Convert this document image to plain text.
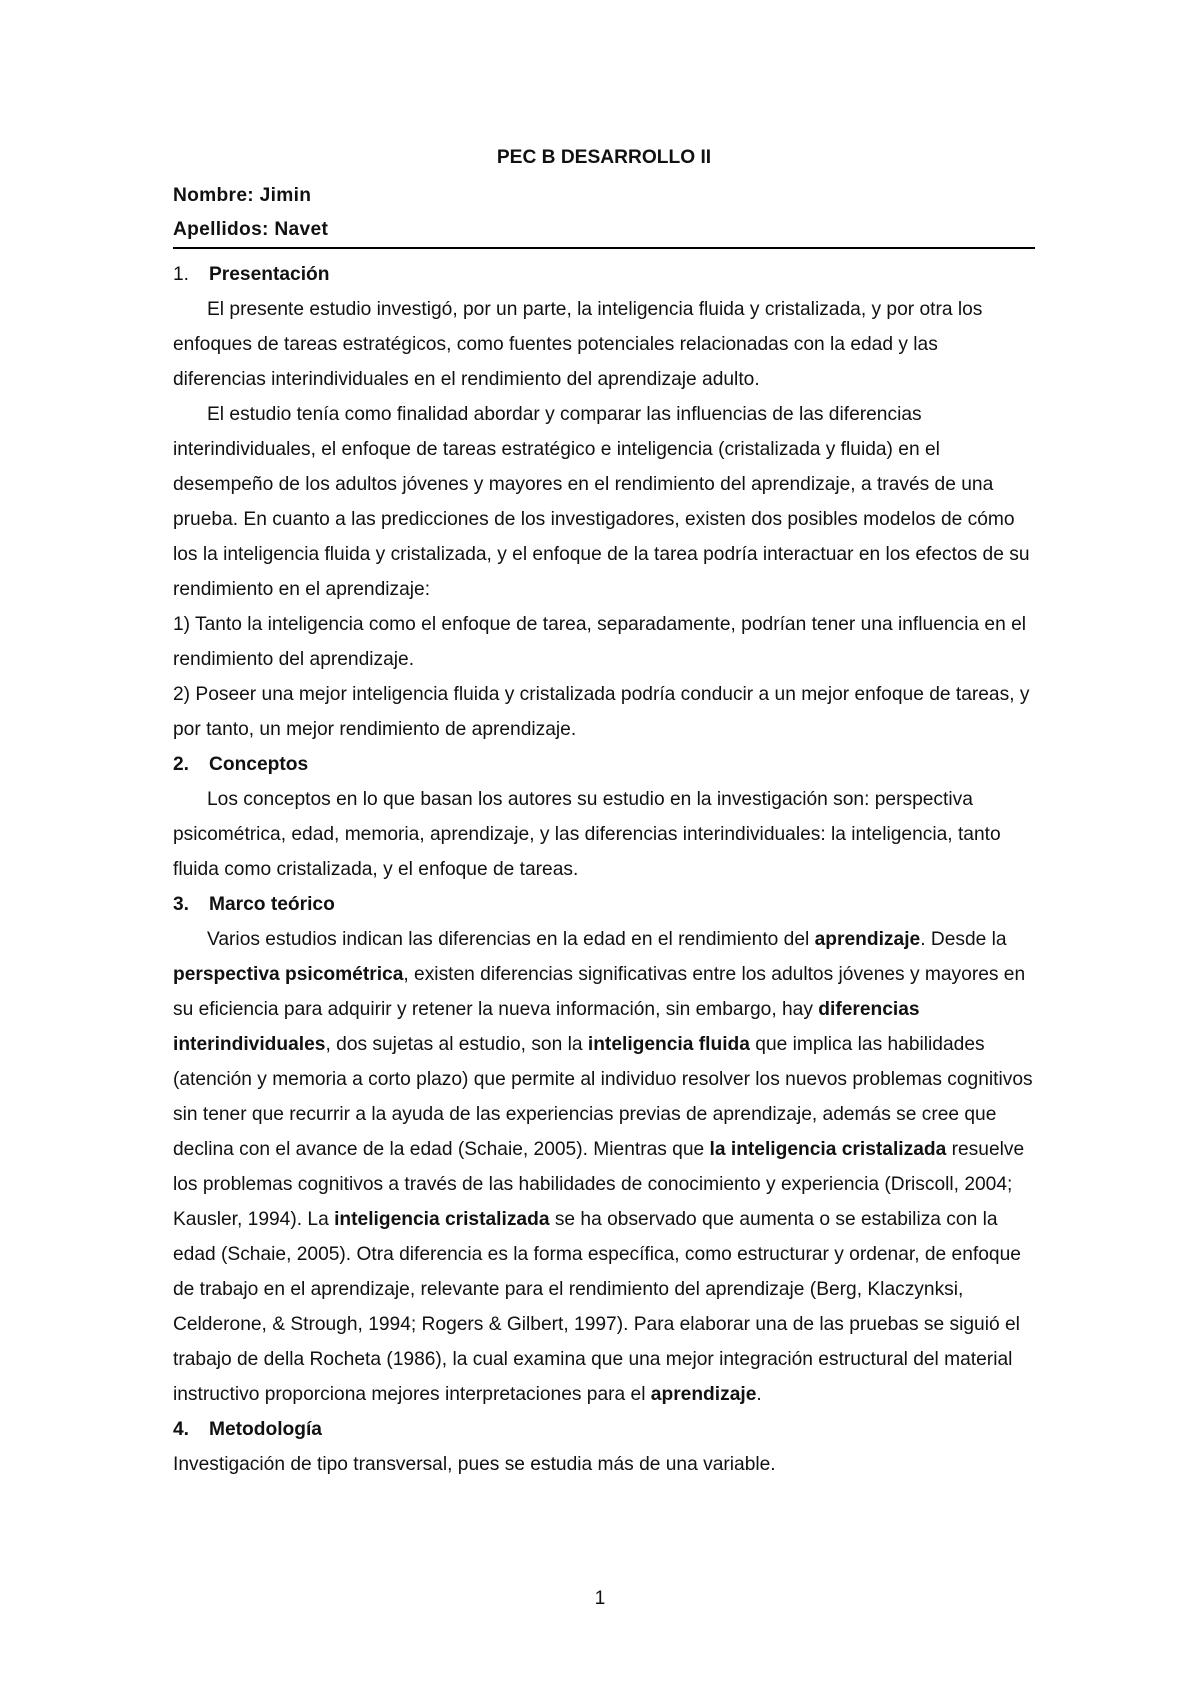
PEC B DESARROLLO II
Nombre: Jimin
Apellidos: Navet
1. Presentación

El presente estudio investigó, por un parte, la inteligencia fluida y cristalizada, y por otra los enfoques de tareas estratégicos, como fuentes potenciales relacionadas con la edad y las diferencias interindividuales en el rendimiento del aprendizaje adulto.

El estudio tenía como finalidad abordar y comparar las influencias de las diferencias interindividuales, el enfoque de tareas estratégico e inteligencia (cristalizada y fluida) en el desempeño de los adultos jóvenes y mayores en el rendimiento del aprendizaje, a través de una prueba. En cuanto a las predicciones de los investigadores, existen dos posibles modelos de cómo los la inteligencia fluida y cristalizada, y el enfoque de la tarea podría interactuar en los efectos de su rendimiento en el aprendizaje:

1) Tanto la inteligencia como el enfoque de tarea, separadamente, podrían tener una influencia en el rendimiento del aprendizaje.

2) Poseer una mejor inteligencia fluida y cristalizada podría conducir a un mejor enfoque de tareas, y por tanto, un mejor rendimiento de aprendizaje.

2. Conceptos

Los conceptos en lo que basan los autores su estudio en la investigación son: perspectiva psicométrica, edad, memoria, aprendizaje, y las diferencias interindividuales: la inteligencia, tanto fluida como cristalizada, y el enfoque de tareas.

3. Marco teórico

Varios estudios indican las diferencias en la edad en el rendimiento del aprendizaje. Desde la perspectiva psicométrica, existen diferencias significativas entre los adultos jóvenes y mayores en su eficiencia para adquirir y retener la nueva información, sin embargo, hay diferencias interindividuales, dos sujetas al estudio, son la inteligencia fluida que implica las habilidades (atención y memoria a corto plazo) que permite al individuo resolver los nuevos problemas cognitivos sin tener que recurrir a la ayuda de las experiencias previas de aprendizaje, además se cree que declina con el avance de la edad (Schaie, 2005). Mientras que la inteligencia cristalizada resuelve los problemas cognitivos a través de las habilidades de conocimiento y experiencia (Driscoll, 2004; Kausler, 1994). La inteligencia cristalizada se ha observado que aumenta o se estabiliza con la edad (Schaie, 2005). Otra diferencia es la forma específica, como estructurar y ordenar, de enfoque de trabajo en el aprendizaje, relevante para el rendimiento del aprendizaje (Berg, Klaczynksi, Celderone, & Strough, 1994; Rogers & Gilbert, 1997). Para elaborar una de las pruebas se siguió el trabajo de della Rocheta (1986), la cual examina que una mejor integración estructural del material instructivo proporciona mejores interpretaciones para el aprendizaje.

4. Metodología

Investigación de tipo transversal, pues se estudia más de una variable.

1
